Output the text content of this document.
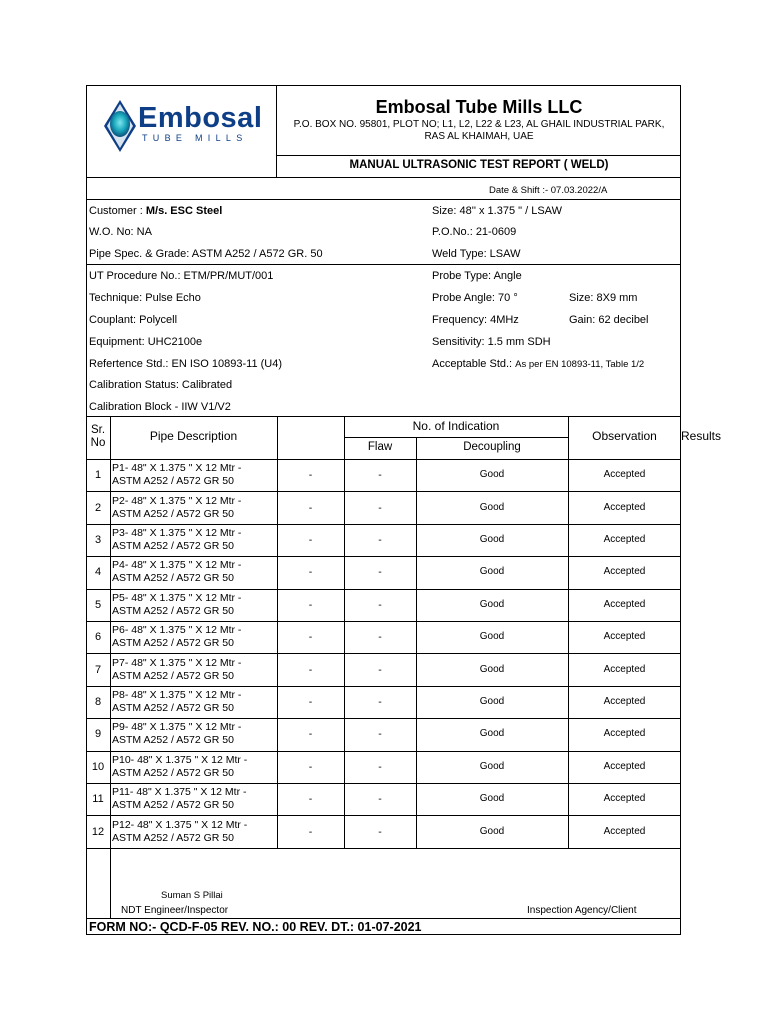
Embosal
TUBE MILLS
Embosal Tube Mills LLC
P.O. BOX NO. 95801, PLOT NO; L1, L2, L22 & L23, AL GHAIL INDUSTRIAL PARK,
RAS AL KHAIMAH, UAE
MANUAL ULTRASONIC TEST REPORT ( WELD)
Date & Shift :- 07.03.2022/A
Customer : M/s. ESC Steel	Size: 48'' x 1.375 " / LSAW
W.O. No: NA	P.O.No.: 21-0609
Pipe Spec. & Grade: ASTM A252 / A572 GR. 50	Weld Type: LSAW
UT Procedure No.: ETM/PR/MUT/001	Probe Type: Angle
Technique: Pulse Echo	Probe Angle: 70 °	Size: 8X9 mm
Couplant: Polycell	Frequency: 4MHz	Gain: 62 decibel
Equipment: UHC2100e	Sensitivity: 1.5 mm SDH
Refertence Std.: EN ISO 10893-11 (U4)	Acceptable Std.: As per EN 10893-11, Table 1/2
Calibration Status: Calibrated
Calibration Block - IIW V1/V2
Sr.
No	Pipe Description
No. of Indication
Flaw	Decoupling
Observation	Results
1
P1- 48" X 1.375 " X 12 Mtr -
ASTM A252 / A572 GR 50	-	-	Good	Accepted
2
P2- 48" X 1.375 " X 12 Mtr -
ASTM A252 / A572 GR 50	-	-	Good	Accepted
3
P3- 48" X 1.375 " X 12 Mtr -
ASTM A252 / A572 GR 50	-	-	Good	Accepted
4
P4- 48" X 1.375 " X 12 Mtr -
ASTM A252 / A572 GR 50	-	-	Good	Accepted
5
P5- 48" X 1.375 " X 12 Mtr -
ASTM A252 / A572 GR 50	-	-	Good	Accepted
6
P6- 48" X 1.375 " X 12 Mtr -
ASTM A252 / A572 GR 50	-	-	Good	Accepted
7
P7- 48" X 1.375 " X 12 Mtr -
ASTM A252 / A572 GR 50	-	-	Good	Accepted
8
P8- 48" X 1.375 " X 12 Mtr -
ASTM A252 / A572 GR 50	-	-	Good	Accepted
9
P9- 48" X 1.375 " X 12 Mtr -
ASTM A252 / A572 GR 50	-	-	Good	Accepted
10
P10- 48" X 1.375 " X 12 Mtr -
ASTM A252 / A572 GR 50	-	-	Good	Accepted
11
P11- 48" X 1.375 " X 12 Mtr -
ASTM A252 / A572 GR 50	-	-	Good	Accepted
12
P12- 48" X 1.375 " X 12 Mtr -
ASTM A252 / A572 GR 50	-	-	Good	Accepted
Suman S Pillai
NDT Engineer/Inspector	Inspection Agency/Client
FORM NO:- QCD-F-05 REV. NO.: 00 REV. DT.: 01-07-2021
